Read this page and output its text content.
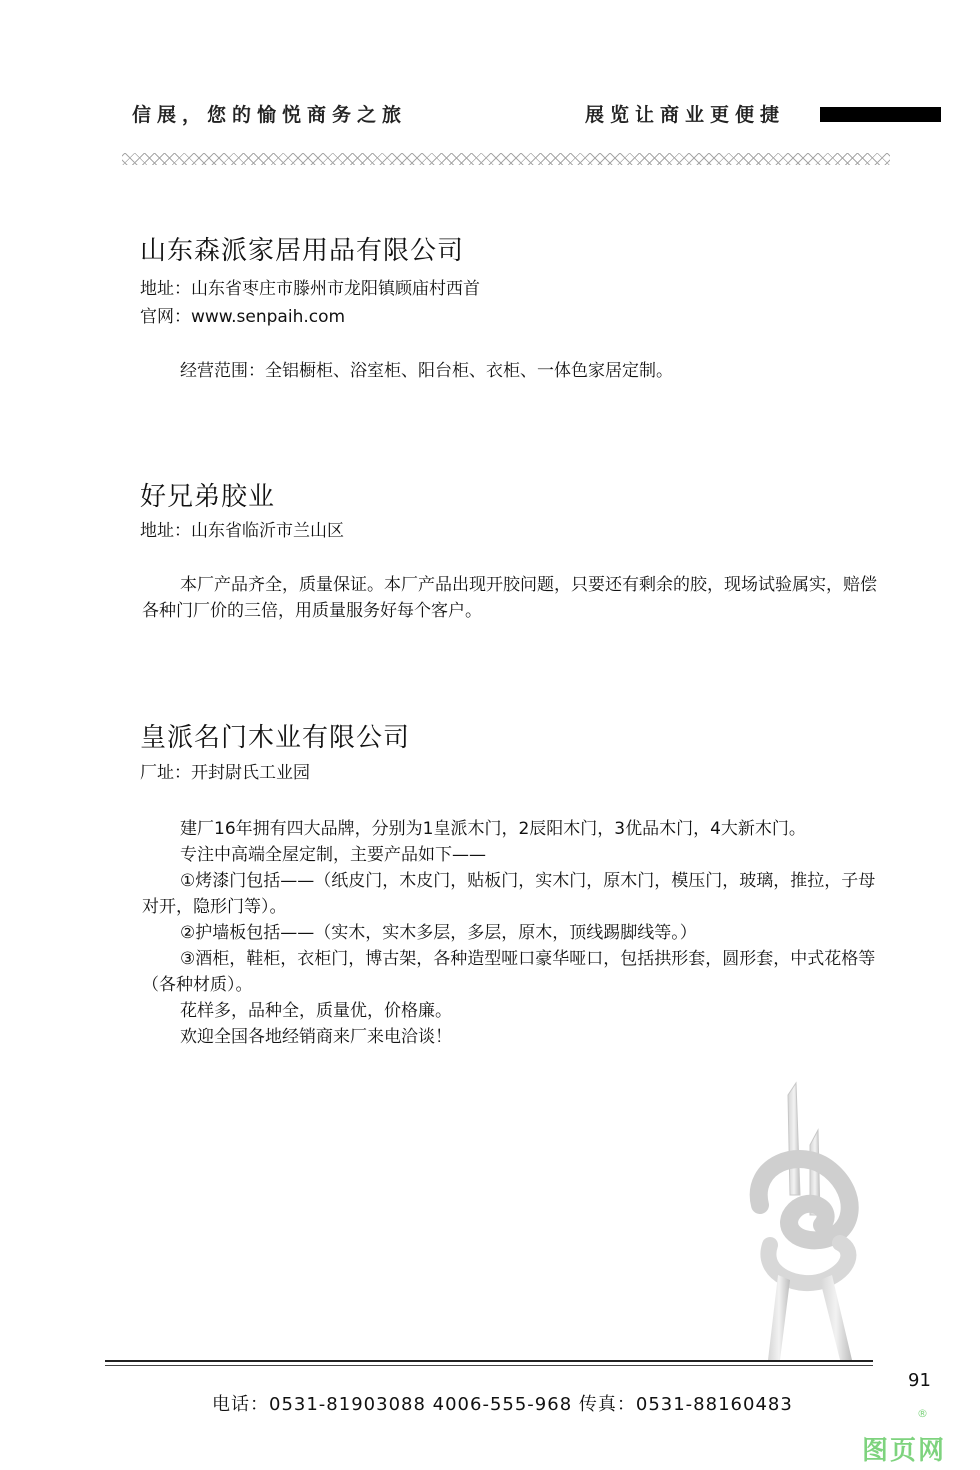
信展，您的愉悦商务之旅	展览让商业更便捷
山东森派家居用品有限公司
地址：山东省枣庄市滕州市龙阳镇顾庙村西首
官网：www.senpaih.com

经营范围：全铝橱柜、浴室柜、阳台柜、衣柜、一体色家居定制。

好兄弟胶业
地址：山东省临沂市兰山区

本厂产品齐全，质量保证。本厂产品出现开胶问题，只要还有剩余的胶，现场试验属实，赔偿各种门厂价的三倍，用质量服务好每个客户。

皇派名门木业有限公司
厂址：开封尉氏工业园

建厂16年拥有四大品牌，分别为1皇派木门，2辰阳木门，3优品木门，4大新木门。

专注中高端全屋定制，主要产品如下——

①烤漆门包括——（纸皮门，木皮门，贴板门，实木门，原木门，模压门，玻璃，推拉，子母对开，隐形门等）。

②护墙板包括——（实木，实木多层，多层，原木，顶线踢脚线等。）

③酒柜，鞋柜，衣柜门，博古架，各种造型哑口豪华哑口，包括拱形套，圆形套，中式花格等（各种材质）。

花样多，品种全，质量优，价格廉。

欢迎全国各地经销商来厂来电洽谈！

91
电话：0531-81903088 4006-555-968 传真：0531-88160483
图页网
®
